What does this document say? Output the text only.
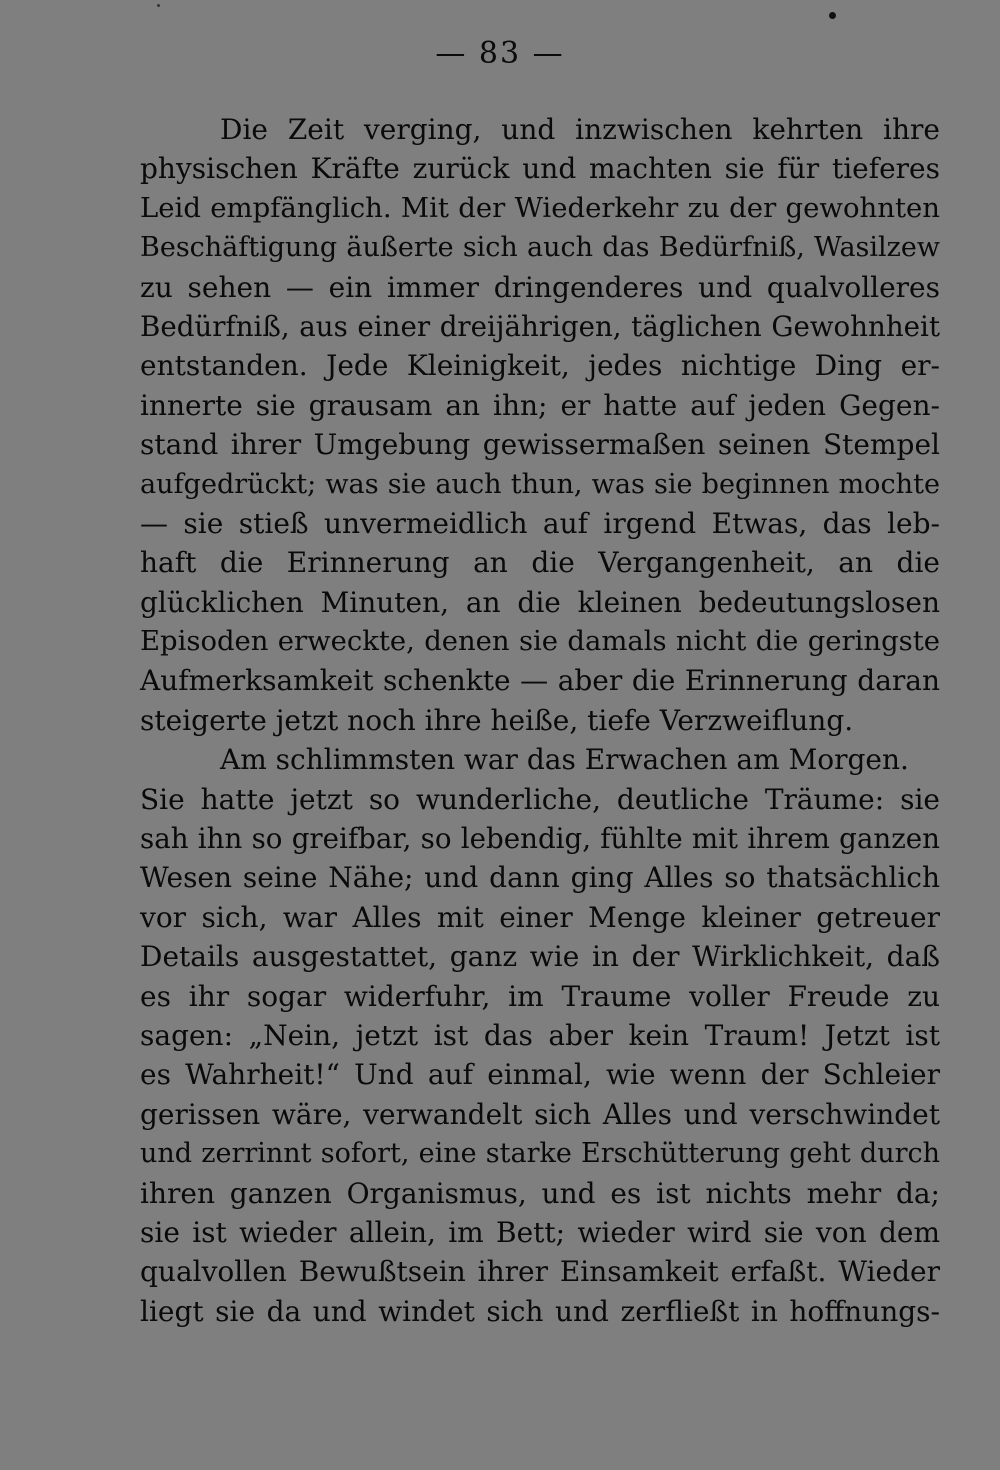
— 83 —
Die Zeit verging, und inzwischen kehrten ihre
physischen Kräfte zurück und machten sie für tieferes
Leid empfänglich. Mit der Wiederkehr zu der gewohnten
Beschäftigung äußerte sich auch das Bedürfniß, Wasilzew
zu sehen — ein immer dringenderes und qualvolleres
Bedürfniß, aus einer dreijährigen, täglichen Gewohnheit
entstanden. Jede Kleinigkeit, jedes nichtige Ding er-
innerte sie grausam an ihn; er hatte auf jeden Gegen-
stand ihrer Umgebung gewissermaßen seinen Stempel
aufgedrückt; was sie auch thun, was sie beginnen mochte
— sie stieß unvermeidlich auf irgend Etwas, das leb-
haft die Erinnerung an die Vergangenheit, an die
glücklichen Minuten, an die kleinen bedeutungslosen
Episoden erweckte, denen sie damals nicht die geringste
Aufmerksamkeit schenkte — aber die Erinnerung daran
steigerte jetzt noch ihre heiße, tiefe Verzweiflung.
Am schlimmsten war das Erwachen am Morgen.
Sie hatte jetzt so wunderliche, deutliche Träume: sie
sah ihn so greifbar, so lebendig, fühlte mit ihrem ganzen
Wesen seine Nähe; und dann ging Alles so thatsächlich
vor sich, war Alles mit einer Menge kleiner getreuer
Details ausgestattet, ganz wie in der Wirklichkeit, daß
es ihr sogar widerfuhr, im Traume voller Freude zu
sagen: „Nein, jetzt ist das aber kein Traum! Jetzt ist
es Wahrheit!“ Und auf einmal, wie wenn der Schleier
gerissen wäre, verwandelt sich Alles und verschwindet
und zerrinnt sofort, eine starke Erschütterung geht durch
ihren ganzen Organismus, und es ist nichts mehr da;
sie ist wieder allein, im Bett; wieder wird sie von dem
qualvollen Bewußtsein ihrer Einsamkeit erfaßt. Wieder
liegt sie da und windet sich und zerfließt in hoffnungs-
